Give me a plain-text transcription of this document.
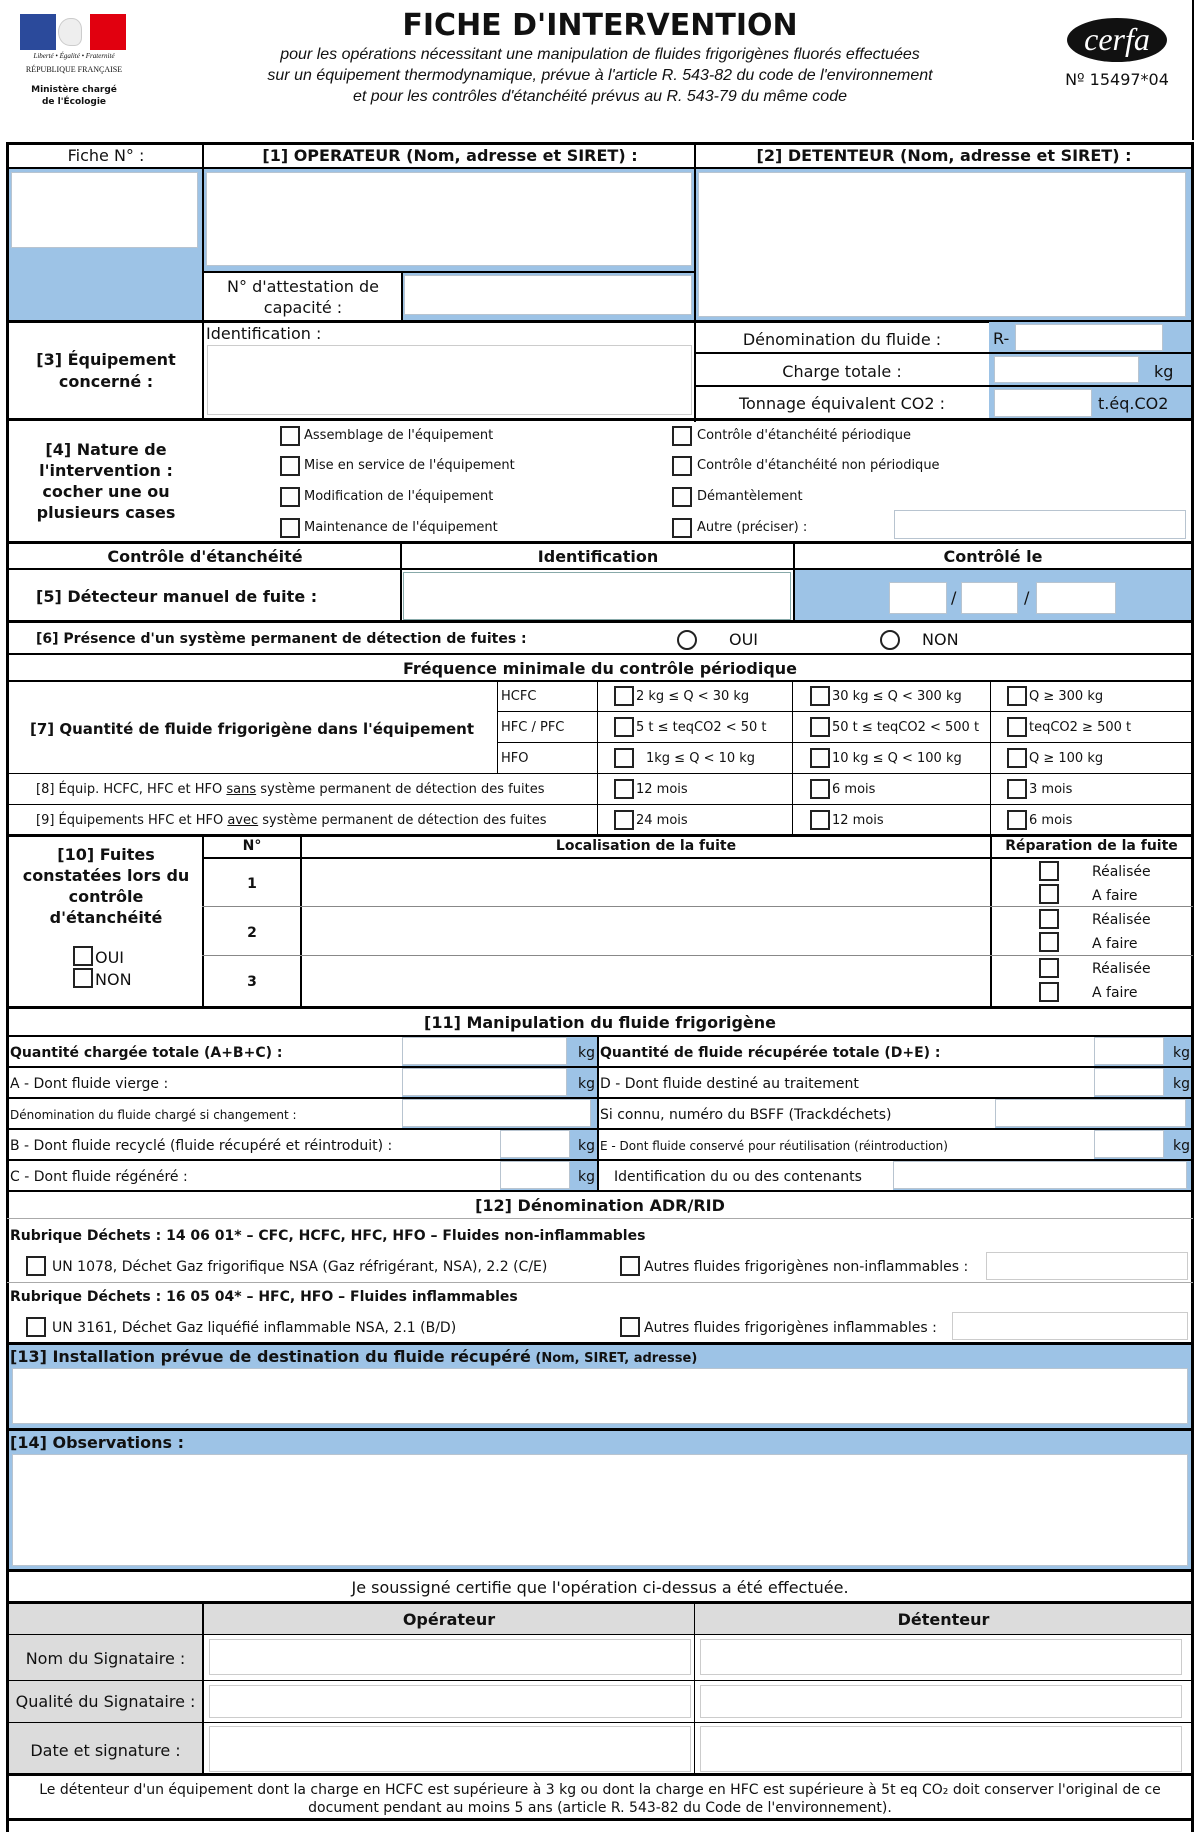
Liberté • Égalité • Fraternité
RÉPUBLIQUE FRANÇAISE
Ministère chargé
de l'Écologie
FICHE D'INTERVENTION
pour les opérations nécessitant une manipulation de fluides frigorigènes fluorés effectuées
sur un équipement thermodynamique, prévue à l'article R. 543-82 du code de l'environnement
et pour les contrôles d'étanchéité prévus au R. 543-79 du même code
cerfa
Nº 15497*04
Fiche N° :	[1] OPERATEUR (Nom, adresse et SIRET) :	[2] DETENTEUR (Nom, adresse et SIRET) :
N° d'attestation de
capacité :
[3] Équipement
concerné :
Identification :	Dénomination du fluide :	R-
Charge totale :	kg
Tonnage équivalent CO2 :	t.éq.CO2
[4] Nature de
l'intervention :
cocher une ou
plusieurs cases
Assemblage de l'équipement
Mise en service de l'équipement
Modification de l'équipement
Maintenance de l'équipement
Contrôle d'étanchéité périodique
Contrôle d'étanchéité non périodique
Démantèlement
Autre (préciser) :
Contrôle d'étanchéité	Identification	Contrôlé le
[5] Détecteur manuel de fuite :	/	/
[6] Présence d'un système permanent de détection de fuites :	OUI	NON
Fréquence minimale du contrôle périodique
[7] Quantité de fluide frigorigène dans l'équipement
HCFC	2 kg ≤ Q < 30 kg	30 kg ≤ Q < 300 kg	Q ≥ 300 kg
HFC / PFC	5 t ≤ teqCO2 < 50 t	50 t ≤ teqCO2 < 500 t	teqCO2 ≥ 500 t
HFO	1kg ≤ Q < 10 kg	10 kg ≤ Q < 100 kg	Q ≥ 100 kg
[8] Équip. HCFC, HFC et HFO sans système permanent de détection des fuites	12 mois	6 mois	3 mois
[9] Équipements HFC et HFO avec système permanent de détection des fuites	24 mois	12 mois	6 mois
[10] Fuites
constatées lors du
contrôle
d'étanchéité
OUI
NON
N°	Localisation de la fuite	Réparation de la fuite
1
Réalisée
A faire
2
Réalisée
A faire
3
Réalisée
A faire
[11] Manipulation du fluide frigorigène
Quantité chargée totale (A+B+C) :	kg
A - Dont fluide vierge :	kg
Dénomination du fluide chargé si changement :
B - Dont fluide recyclé (fluide récupéré et réintroduit) :	kg
C - Dont fluide régénéré :	kg
Quantité de fluide récupérée totale (D+E) :	kg
D - Dont fluide destiné au traitement	kg
Si connu, numéro du BSFF (Trackdéchets)
E - Dont fluide conservé pour réutilisation (réintroduction)	kg
Identification du ou des contenants
[12] Dénomination ADR/RID
Rubrique Déchets : 14 06 01* – CFC, HCFC, HFC, HFO – Fluides non-inflammables
UN 1078, Déchet Gaz frigorifique NSA (Gaz réfrigérant, NSA), 2.2 (C/E)	Autres fluides frigorigènes non-inflammables :
Rubrique Déchets : 16 05 04* – HFC, HFO – Fluides inflammables
UN 3161, Déchet Gaz liquéfié inflammable NSA, 2.1 (B/D)	Autres fluides frigorigènes inflammables :
[13] Installation prévue de destination du fluide récupéré (Nom, SIRET, adresse)
[14] Observations :
Je soussigné certifie que l'opération ci-dessus a été effectuée.
Opérateur	Détenteur
Nom du Signataire :
Qualité du Signataire :
Date et signature :
Le détenteur d'un équipement dont la charge en HCFC est supérieure à 3 kg ou dont la charge en HFC est supérieure à 5t eq CO₂ doit conserver l'original de ce
document pendant au moins 5 ans (article R. 543-82 du Code de l'environnement).
